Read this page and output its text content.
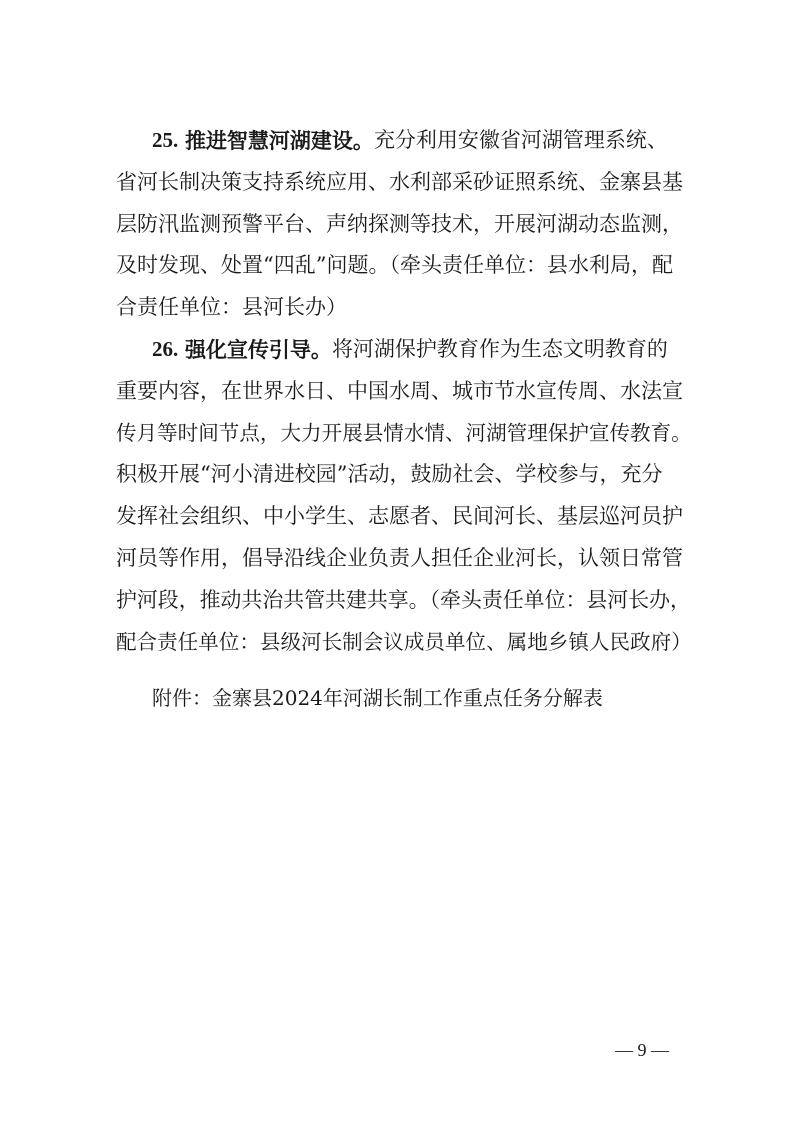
25.
推进智慧河湖建设。 充分利用安徽省河湖管理系统、
省河长制决策支持系统应用、水利部采砂证照系统、金寨县基
层防汛监测预警平台、声纳探测等技术，开展河湖动态监测，
及时发现、处置“四乱”问题。（牵头责任单位：县水利局，配
合责任单位：县河长办）
26.
强化宣传引导。 将河湖保护教育作为生态文明教育的
重要内容，在世界水日、中国水周、城市节水宣传周、水法宣
传月等时间节点，大力开展县情水情、河湖管理保护宣传教育。
积极开展“河小清进校园”活动，鼓励社会、学校参与，充分
发挥社会组织、中小学生、志愿者、民间河长、基层巡河员护
河员等作用，倡导沿线企业负责人担任企业河长，认领日常管
护河段，推动共治共管共建共享。（牵头责任单位：县河长办，
配合责任单位：县级河长制会议成员单位、属地乡镇人民政府）
附件：金寨县2024年河湖长制工作重点任务分解表
— 9 —
